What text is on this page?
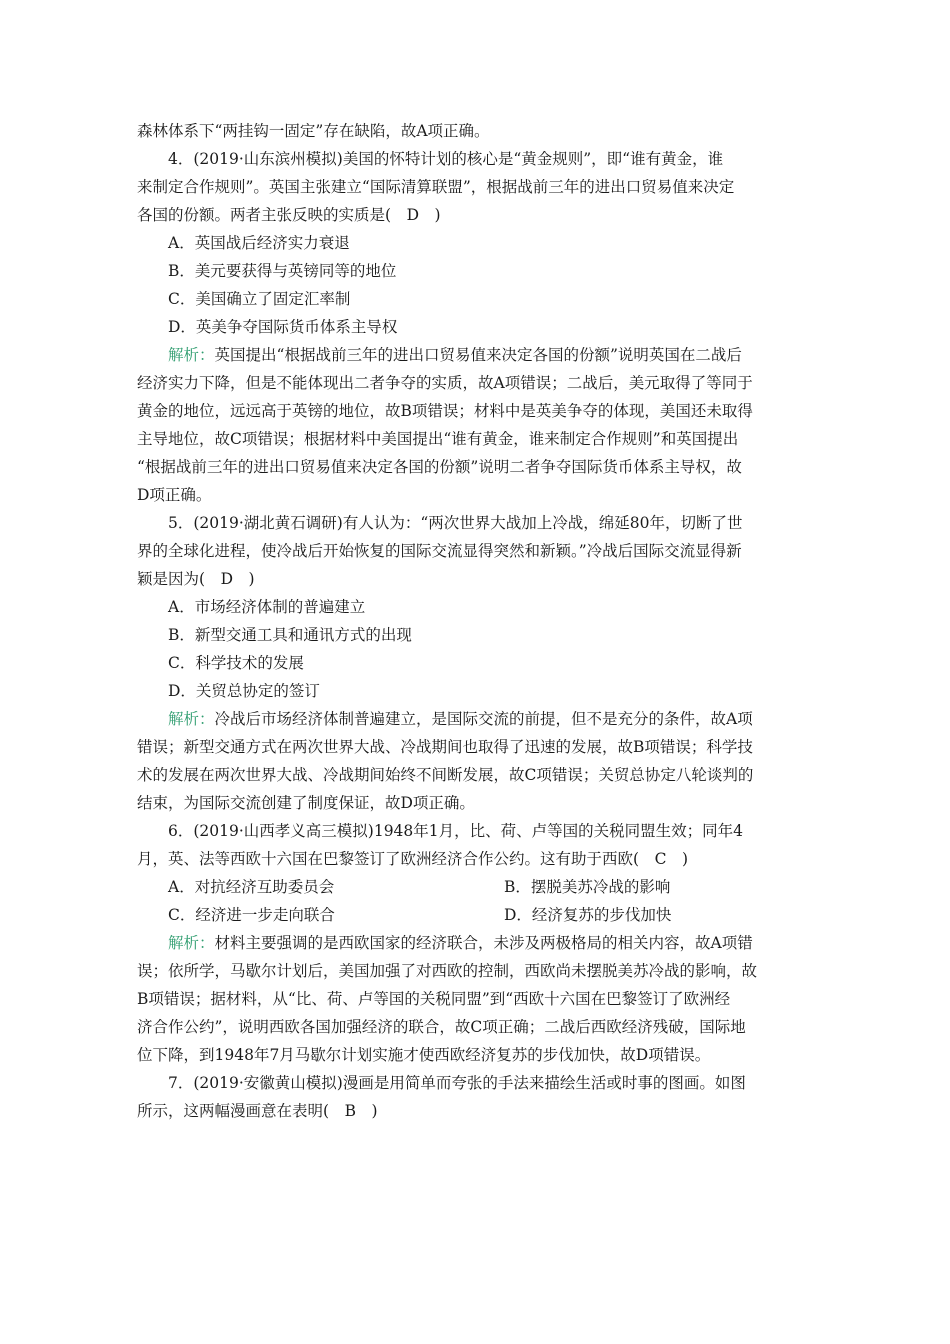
森林体系下“两挂钩一固定”存在缺陷，故A项正确。
4．(2019·山东滨州模拟)美国的怀特计划的核心是“黄金规则”，即“谁有黄金，谁
来制定合作规则”。英国主张建立“国际清算联盟”，根据战前三年的进出口贸易值来决定
各国的份额。两者主张反映的实质是(　D　)
A．英国战后经济实力衰退
B．美元要获得与英镑同等的地位
C．美国确立了固定汇率制
D．英美争夺国际货币体系主导权
解析：英国提出“根据战前三年的进出口贸易值来决定各国的份额”说明英国在二战后
经济实力下降，但是不能体现出二者争夺的实质，故A项错误；二战后，美元取得了等同于
黄金的地位，远远高于英镑的地位，故B项错误；材料中是英美争夺的体现，美国还未取得
主导地位，故C项错误；根据材料中美国提出“谁有黄金，谁来制定合作规则”和英国提出
“根据战前三年的进出口贸易值来决定各国的份额”说明二者争夺国际货币体系主导权，故
D项正确。
5．(2019·湖北黄石调研)有人认为：“两次世界大战加上冷战，绵延80年，切断了世
界的全球化进程，使冷战后开始恢复的国际交流显得突然和新颖。”冷战后国际交流显得新
颖是因为(　D　)
A．市场经济体制的普遍建立
B．新型交通工具和通讯方式的出现
C．科学技术的发展
D．关贸总协定的签订
解析：冷战后市场经济体制普遍建立，是国际交流的前提，但不是充分的条件，故A项
错误；新型交通方式在两次世界大战、冷战期间也取得了迅速的发展，故B项错误；科学技
术的发展在两次世界大战、冷战期间始终不间断发展，故C项错误；关贸总协定八轮谈判的
结束，为国际交流创建了制度保证，故D项正确。
6．(2019·山西孝义高三模拟)1948年1月，比、荷、卢等国的关税同盟生效；同年4
月，英、法等西欧十六国在巴黎签订了欧洲经济合作公约。这有助于西欧(　C　)
A．对抗经济互助委员会	B．摆脱美苏冷战的影响
C．经济进一步走向联合	D．经济复苏的步伐加快
解析：材料主要强调的是西欧国家的经济联合，未涉及两极格局的相关内容，故A项错
误；依所学，马歇尔计划后，美国加强了对西欧的控制，西欧尚未摆脱美苏冷战的影响，故
B项错误；据材料，从“比、荷、卢等国的关税同盟”到“西欧十六国在巴黎签订了欧洲经
济合作公约”，说明西欧各国加强经济的联合，故C项正确；二战后西欧经济残破，国际地
位下降，到1948年7月马歇尔计划实施才使西欧经济复苏的步伐加快，故D项错误。
7．(2019·安徽黄山模拟)漫画是用简单而夸张的手法来描绘生活或时事的图画。如图
所示，这两幅漫画意在表明(　B　)
